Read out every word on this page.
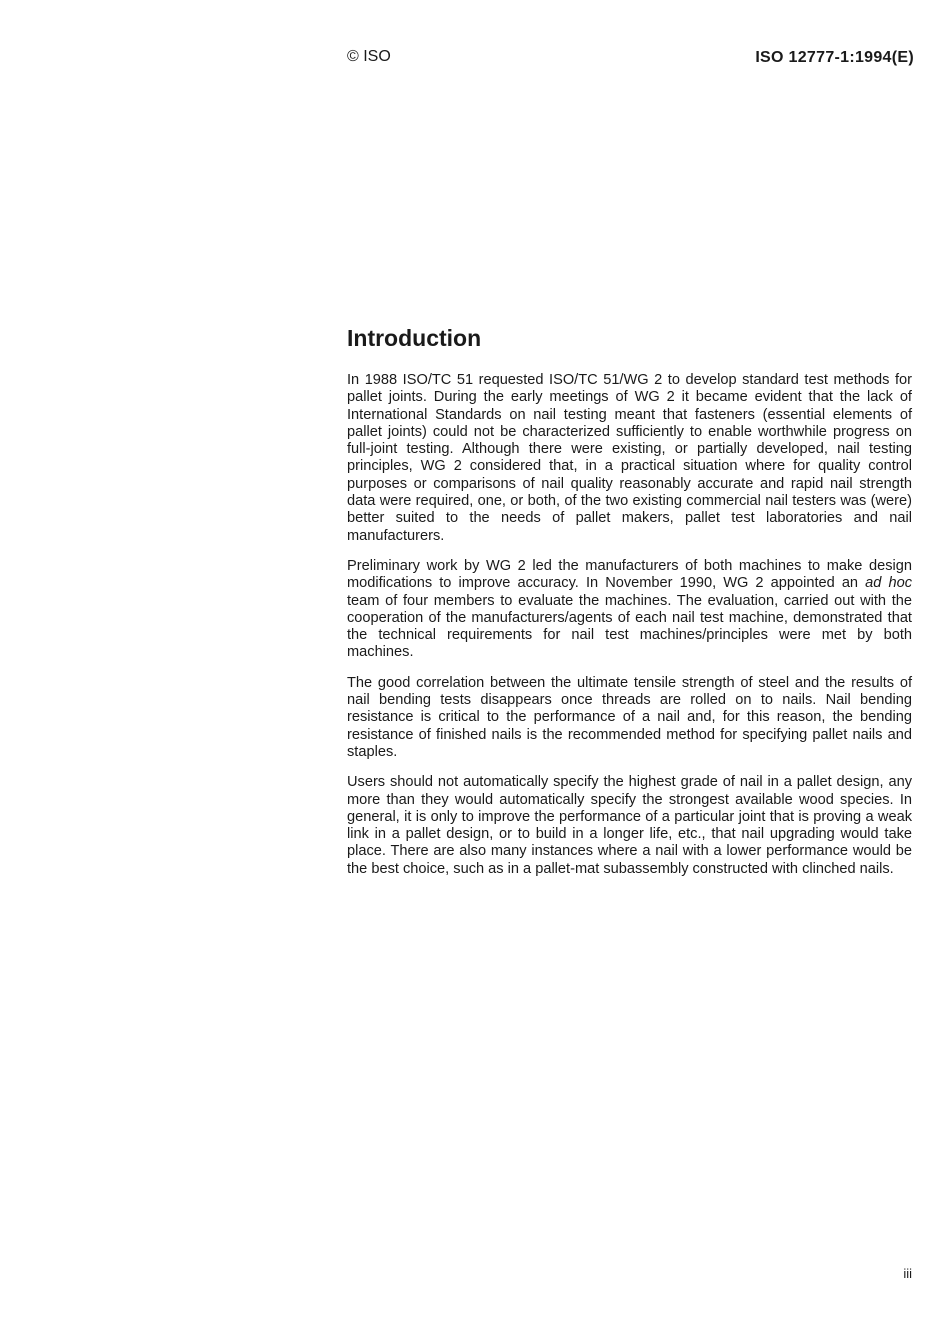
© ISO	ISO 12777-1:1994(E)
Introduction

In 1988 ISO/TC 51 requested ISO/TC 51/WG 2 to develop standard test methods for pallet joints. During the early meetings of WG 2 it became evident that the lack of International Standards on nail testing meant that fasteners (essential elements of pallet joints) could not be characterized sufficiently to enable worthwhile progress on full-joint testing. Although there were existing, or partially developed, nail testing principles, WG 2 considered that, in a practical situation where for quality control purposes or comparisons of nail quality reasonably accurate and rapid nail strength data were required, one, or both, of the two existing commercial nail testers was (were) better suited to the needs of pallet makers, pallet test laboratories and nail manufacturers.

Preliminary work by WG 2 led the manufacturers of both machines to make design modifications to improve accuracy. In November 1990, WG 2 appointed an ad hoc team of four members to evaluate the machines. The evaluation, carried out with the cooperation of the manufacturers/agents of each nail test machine, demonstrated that the technical requirements for nail test machines/principles were met by both machines.

The good correlation between the ultimate tensile strength of steel and the results of nail bending tests disappears once threads are rolled on to nails. Nail bending resistance is critical to the performance of a nail and, for this reason, the bending resistance of finished nails is the recommended method for specifying pallet nails and staples.

Users should not automatically specify the highest grade of nail in a pallet design, any more than they would automatically specify the strongest available wood species. In general, it is only to improve the performance of a particular joint that is proving a weak link in a pallet design, or to build in a longer life, etc., that nail upgrading would take place. There are also many instances where a nail with a lower performance would be the best choice, such as in a pallet-mat subassembly constructed with clinched nails.

iii
